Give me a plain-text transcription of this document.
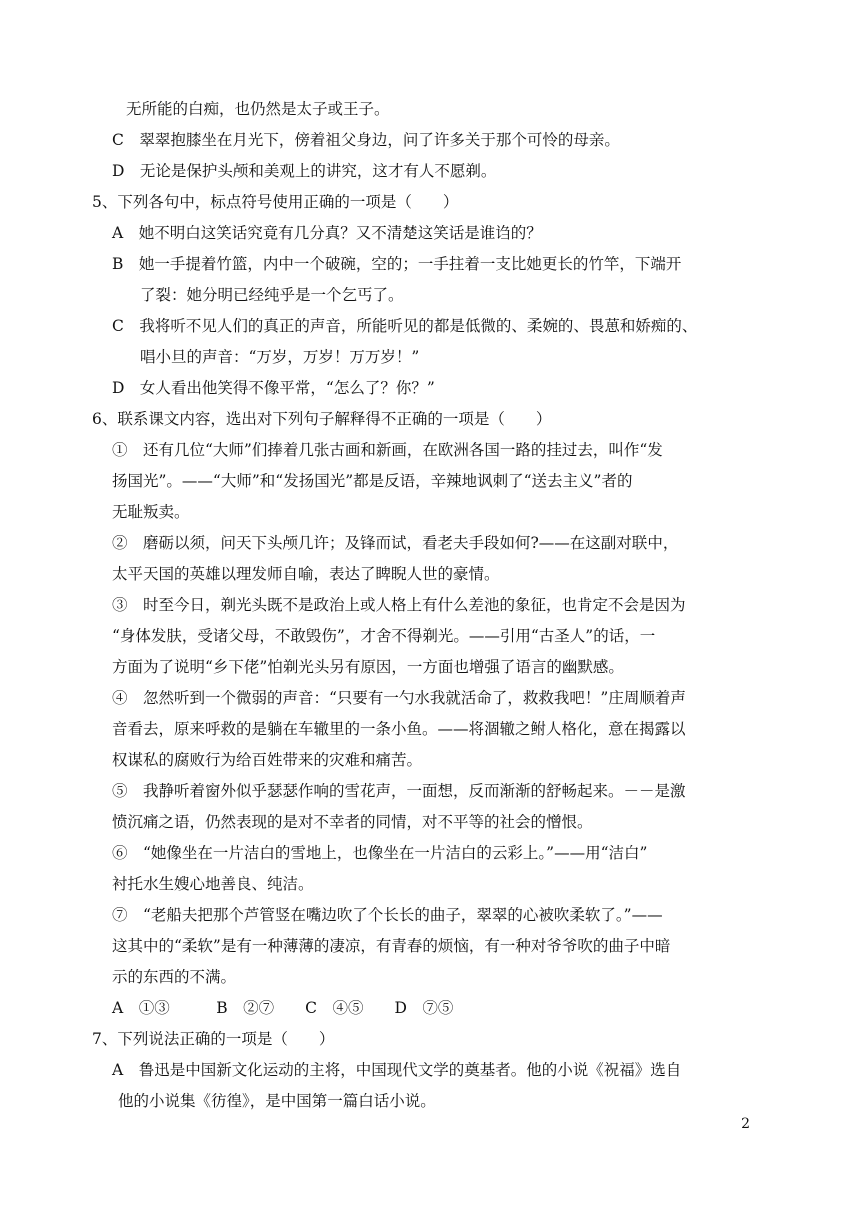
无所能的白痴，也仍然是太子或王子。
C　翠翠抱膝坐在月光下，傍着祖父身边，问了许多关于那个可怜的母亲。
D　无论是保护头颅和美观上的讲究，这才有人不愿剃。
5、下列各句中，标点符号使用正确的一项是（　　）
A　她不明白这笑话究竟有几分真？又不清楚这笑话是谁诌的？
B　她一手提着竹篮，内中一个破碗，空的；一手拄着一支比她更长的竹竿，下端开
了裂：她分明已经纯乎是一个乞丐了。
C　我将听不见人们的真正的声音，所能听见的都是低微的、柔婉的、畏葸和娇痴的、
唱小旦的声音：“万岁，万岁！万万岁！”
D　女人看出他笑得不像平常，“怎么了？你？”
6、联系课文内容，选出对下列句子解释得不正确的一项是（　　）
①　还有几位“大师”们捧着几张古画和新画，在欧洲各国一路的挂过去，叫作“发
扬国光”。——“大师”和“发扬国光”都是反语，辛辣地讽刺了“送去主义”者的
无耻叛卖。
②　磨砺以须，问天下头颅几许；及锋而试，看老夫手段如何?——在这副对联中，
太平天国的英雄以理发师自喻，表达了睥睨人世的豪情。
③　时至今日，剃光头既不是政治上或人格上有什么差池的象征，也肯定不会是因为
“身体发肤，受诸父母，不敢毁伤”，才舍不得剃光。——引用“古圣人”的话，一
方面为了说明“乡下佬”怕剃光头另有原因，一方面也增强了语言的幽默感。
④　忽然听到一个微弱的声音：“只要有一勺水我就活命了，救救我吧！”庄周顺着声
音看去，原来呼救的是躺在车辙里的一条小鱼。——将涸辙之鲋人格化，意在揭露以
权谋私的腐败行为给百姓带来的灾难和痛苦。
⑤　我静听着窗外似乎瑟瑟作响的雪花声，一面想，反而渐渐的舒畅起来。－－是激
愤沉痛之语，仍然表现的是对不幸者的同情，对不平等的社会的憎恨。
⑥　“她像坐在一片洁白的雪地上，也像坐在一片洁白的云彩上。”——用“洁白”
衬托水生嫂心地善良、纯洁。
⑦　“老船夫把那个芦管竖在嘴边吹了个长长的曲子，翠翠的心被吹柔软了。”——
这其中的“柔软”是有一种薄薄的凄凉，有青春的烦恼，有一种对爷爷吹的曲子中暗
示的东西的不满。
A　①③　　　B　②⑦　　C　④⑤　　D　⑦⑤
7、下列说法正确的一项是（　　）
A　鲁迅是中国新文化运动的主将，中国现代文学的奠基者。他的小说《祝福》选自
他的小说集《彷徨》，是中国第一篇白话小说。
2
